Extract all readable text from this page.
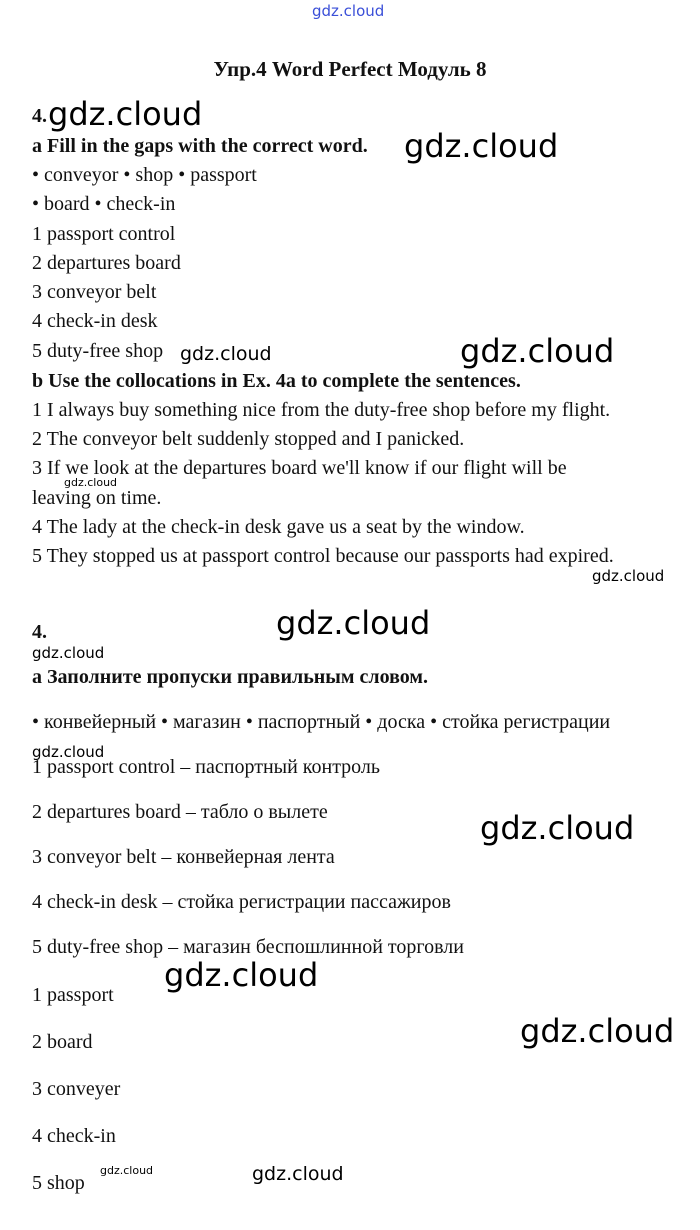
Упр.4 Word Perfect Модуль 8
4.
a Fill in the gaps with the correct word.
• conveyor • shop • passport
• board • check-in
1 passport control
2 departures board
3 conveyor belt
4 check-in desk
5 duty-free shop
b Use the collocations in Ex. 4a to complete the sentences.
1 I always buy something nice from the duty-free shop before my flight.
2 The conveyor belt suddenly stopped and I panicked.
3 If we look at the departures board we'll know if our flight will be
leaving on time.
4 The lady at the check-in desk gave us a seat by the window.
5 They stopped us at passport control because our passports had expired.
4.
a Заполните пропуски правильным словом.
• конвейерный • магазин • паспортный • доска • стойка регистрации
1 passport control – паспортный контроль
2 departures board – табло о вылете
3 conveyor belt – конвейерная лента
4 check-in desk – стойка регистрации пассажиров
5 duty-free shop – магазин беспошлинной торговли
1 passport
2 board
3 conveyer
4 check-in
5 shop
gdz.cloud
gdz.cloud
gdz.cloud
gdz.cloud	gdz.cloud
gdz.cloud
gdz.cloud
gdz.cloud
gdz.cloud
gdz.cloud
gdz.cloud
gdz.cloud
gdz.cloud
gdz.cloud	gdz.cloud
